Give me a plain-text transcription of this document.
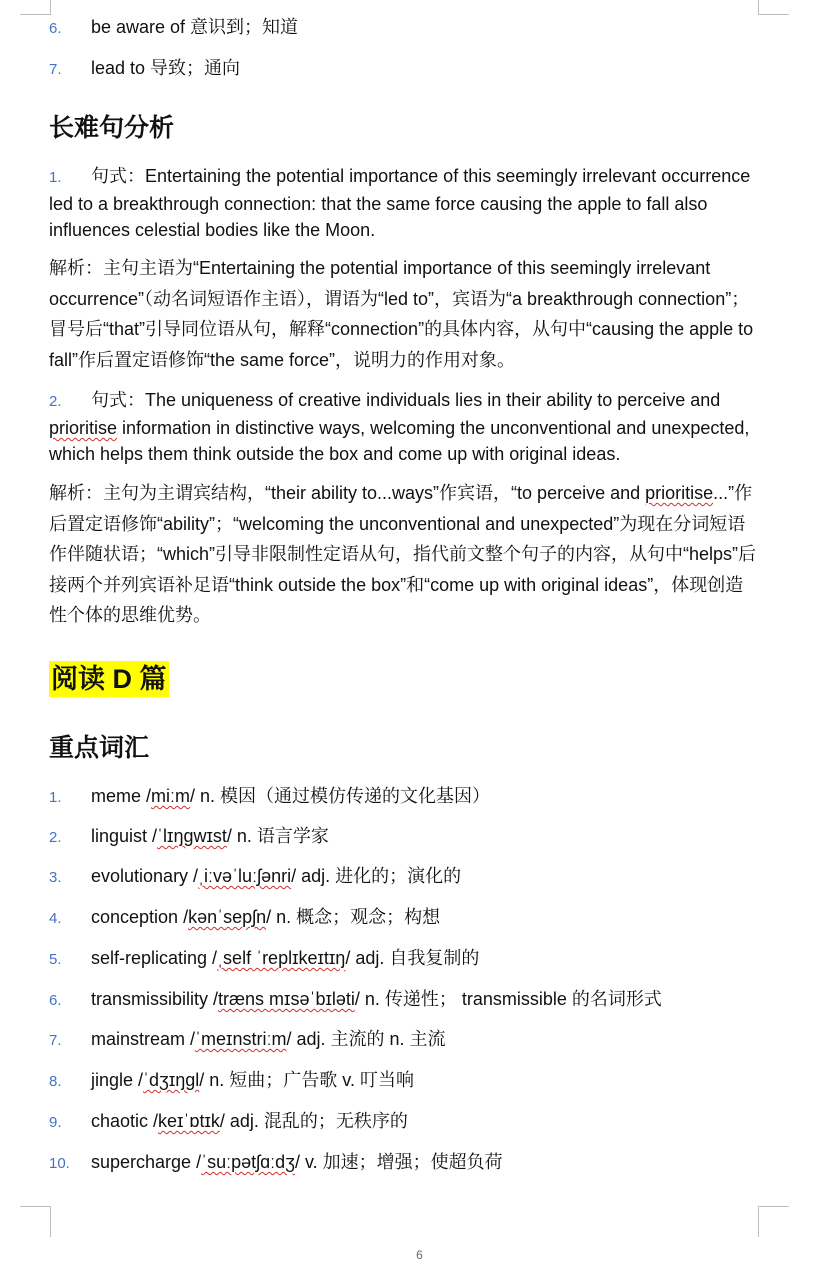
6. be aware of 意识到；知道
7. lead to 导致；通向
长难句分析
1. 句式：Entertaining the potential importance of this seemingly irrelevant occurrence led to a breakthrough connection: that the same force causing the apple to fall also influences celestial bodies like the Moon.
解析：主句主语为“Entertaining the potential importance of this seemingly irrelevant occurrence”（动名词短语作主语），谓语为“led to”，宾语为“a breakthrough connection”；冒号后“that”引导同位语从句，解释“connection”的具体内容，从句中“causing the apple to fall”作后置定语修饰“the same force”，说明力的作用对象。
2. 句式：The uniqueness of creative individuals lies in their ability to perceive and prioritise information in distinctive ways, welcoming the unconventional and unexpected, which helps them think outside the box and come up with original ideas.
解析：主句为主谓宾结构，“their ability to...ways”作宾语，“to perceive and prioritise...”作后置定语修饰“ability”；“welcoming the unconventional and unexpected”为现在分词短语作伴随状语；“which”引导非限制性定语从句，指代前文整个句子的内容，从句中“helps”后接两个并列宾语补足语“think outside the box”和“come up with original ideas”，体现创造性个体的思维优势。
阅读 D 篇
重点词汇
1. meme /miːm/ n. 模因（通过模仿传递的文化基因）
2. linguist /ˈlɪŋɡwɪst/ n. 语言学家
3. evolutionary /ˌiːvəˈluːʃənri/ adj. 进化的；演化的
4. conception /kənˈsepʃn/ n. 概念；观念；构想
5. self-replicating /ˌself ˈreplɪkeɪtɪŋ/ adj. 自我复制的
6. transmissibility /træns mɪsəˈbɪləti/ n. 传递性； transmissible 的名词形式
7. mainstream /ˈmeɪnstriːm/ adj. 主流的 n. 主流
8. jingle /ˈdʒɪŋɡl/ n. 短曲；广告歌 v. 叮当响
9. chaotic /keɪˈɒtɪk/ adj. 混乱的；无秩序的
10. supercharge /ˈsuːpətʃɑːdʒ/ v. 加速；增强；使超负荷
6
